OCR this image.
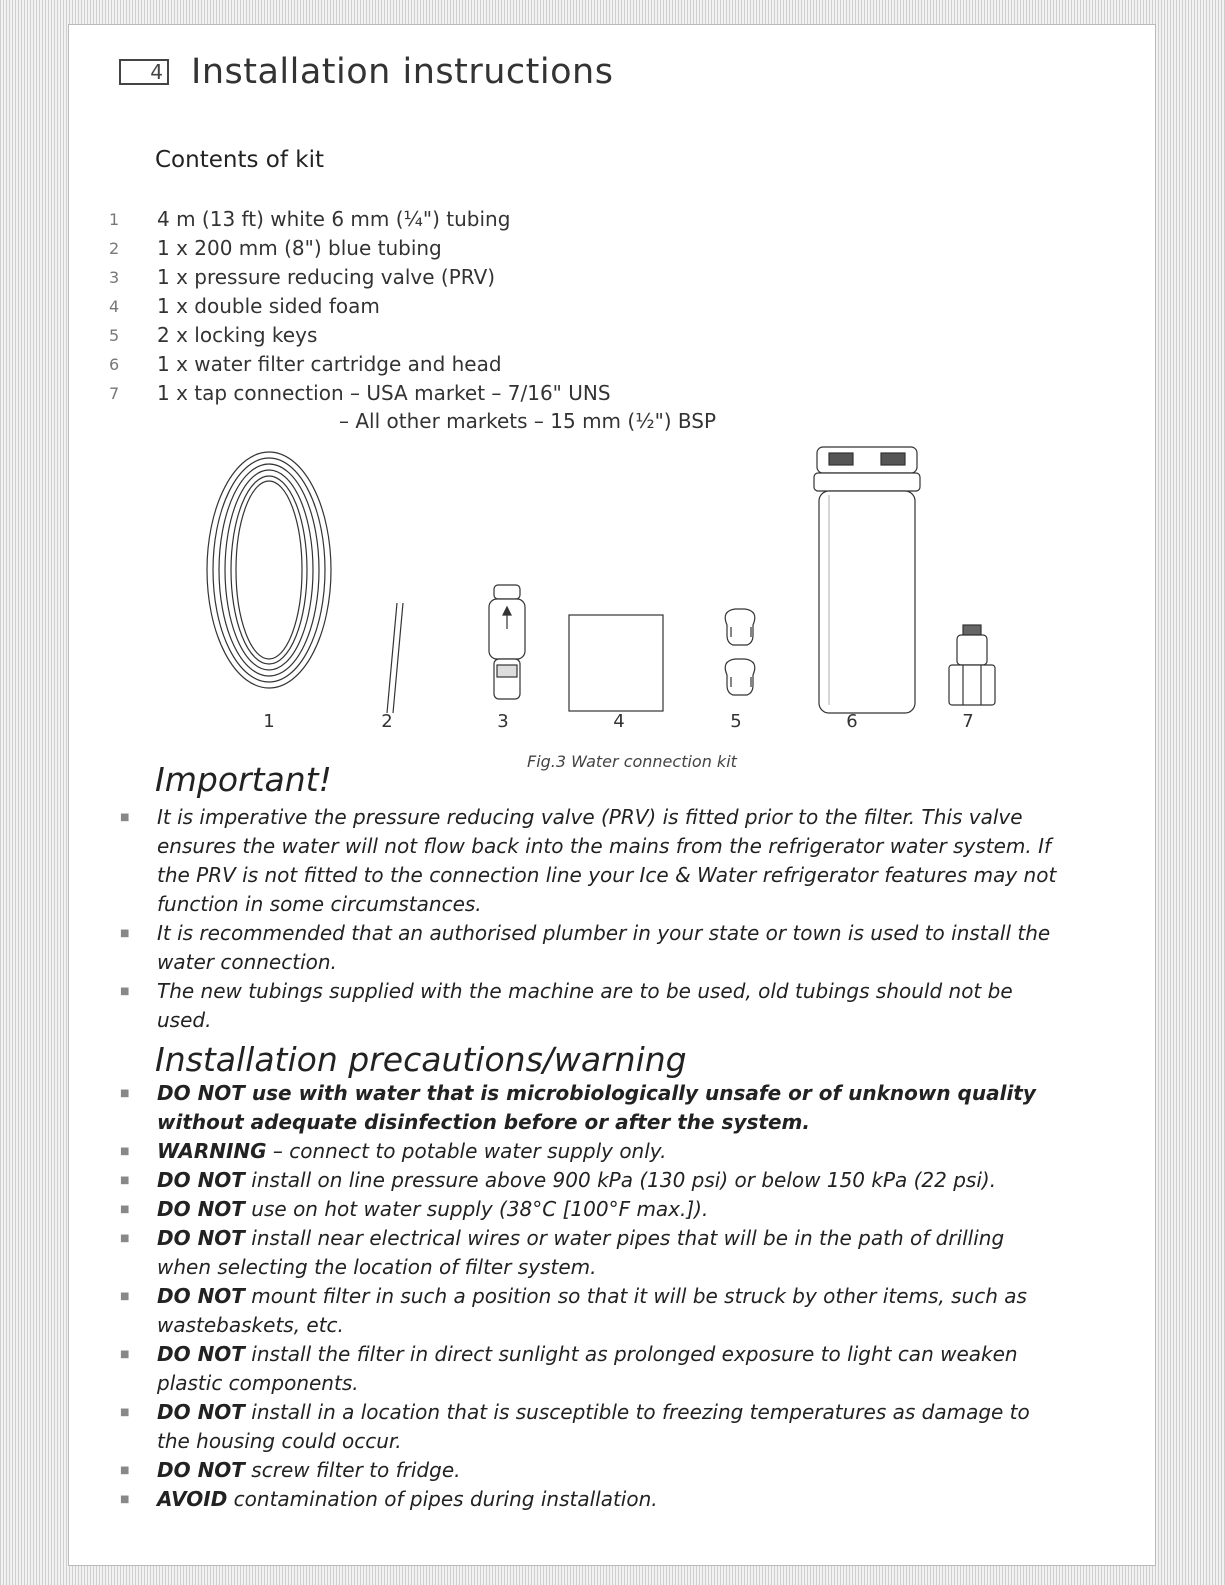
4 Installation instructions
Contents of kit
1	4 m (13 ft) white 6 mm (¼") tubing
2	1 x 200 mm (8") blue tubing
3	1 x pressure reducing valve (PRV)
4	1 x double sided foam
5	2 x locking keys
6	1 x water filter cartridge and head
7	1 x tap connection – USA market – 7/16" UNS
– All other markets – 15 mm (½") BSP
1	2	3	4	5	6	7
Fig.3 Water connection kit
Important!
■ It is imperative the pressure reducing valve (PRV) is fitted prior to the filter. This valve ensures the water will not flow back into the mains from the refrigerator water system. If the PRV is not fitted to the connection line your Ice & Water refrigerator features may not function in some circumstances.
■ It is recommended that an authorised plumber in your state or town is used to install the water connection.
■ The new tubings supplied with the machine are to be used, old tubings should not be used.
Installation precautions/warning
■ DO NOT use with water that is microbiologically unsafe or of unknown quality without adequate disinfection before or after the system.
■ WARNING – connect to potable water supply only.
■ DO NOT install on line pressure above 900 kPa (130 psi) or below 150 kPa (22 psi).
■ DO NOT use on hot water supply (38°C [100°F max.]).
■ DO NOT install near electrical wires or water pipes that will be in the path of drilling when selecting the location of filter system.
■ DO NOT mount filter in such a position so that it will be struck by other items, such as wastebaskets, etc.
■ DO NOT install the filter in direct sunlight as prolonged exposure to light can weaken plastic components.
■ DO NOT install in a location that is susceptible to freezing temperatures as damage to the housing could occur.
■ DO NOT screw filter to fridge.
■ AVOID contamination of pipes during installation.
